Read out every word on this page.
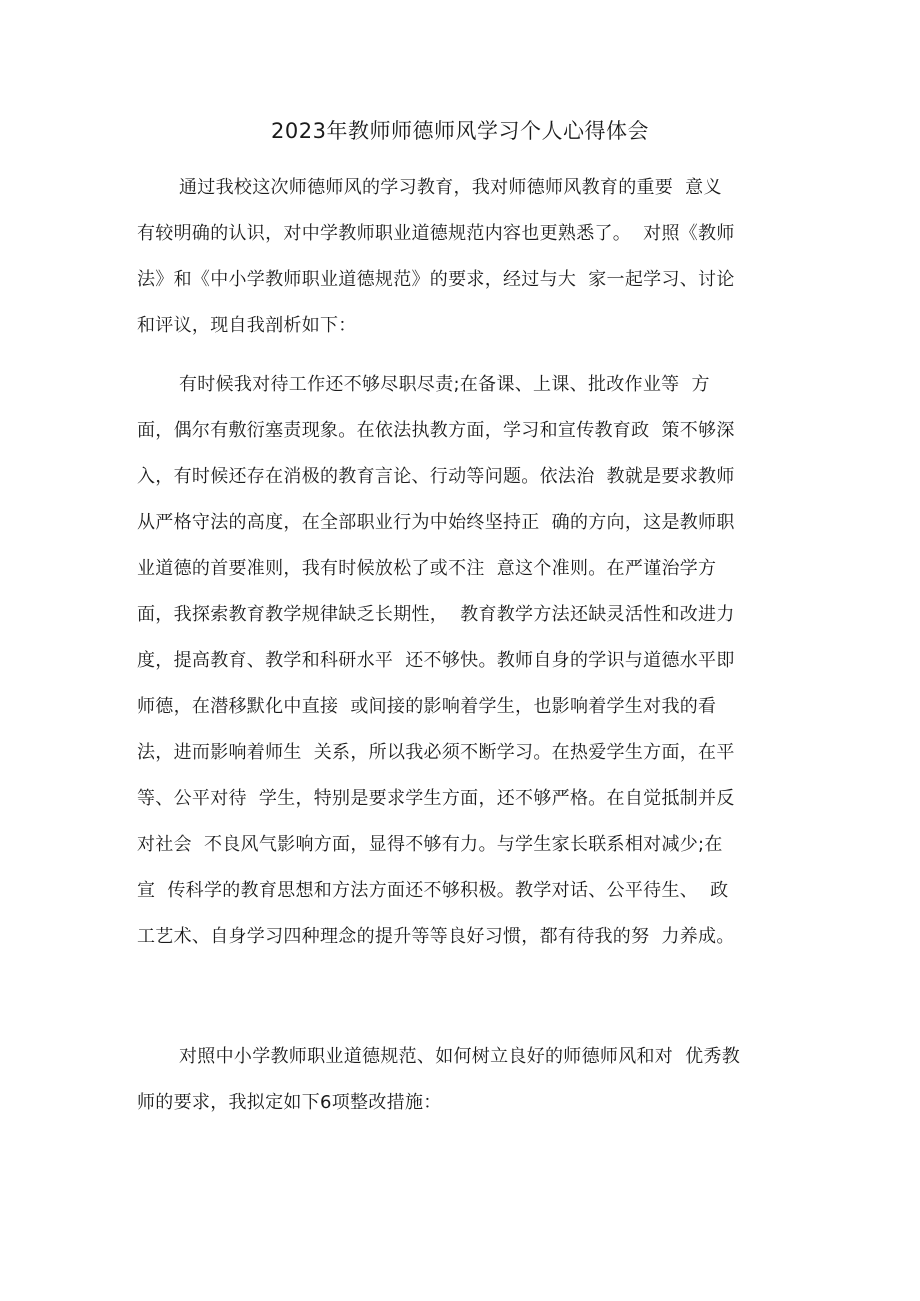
2023年教师师德师风学习个人心得体会
通过我校这次师德师风的学习教育，我对师德师风教育的重要  意义
有较明确的认识，对中学教师职业道德规范内容也更熟悉了。  对照《教师
法》和《中小学教师职业道德规范》的要求，经过与大  家一起学习、讨论
和评议，现自我剖析如下：
有时候我对待工作还不够尽职尽责;在备课、上课、批改作业等  方
面，偶尔有敷衍塞责现象。在依法执教方面，学习和宣传教育政  策不够深
入，有时候还存在消极的教育言论、行动等问题。依法治  教就是要求教师
从严格守法的高度，在全部职业行为中始终坚持正  确的方向，这是教师职
业道德的首要准则，我有时候放松了或不注  意这个准则。在严谨治学方
面，我探索教育教学规律缺乏长期性，  教育教学方法还缺灵活性和改进力
度，提高教育、教学和科研水平  还不够快。教师自身的学识与道德水平即
师德，在潜移默化中直接  或间接的影响着学生，也影响着学生对我的看
法，进而影响着师生  关系，所以我必须不断学习。在热爱学生方面，在平
等、公平对待  学生，特别是要求学生方面，还不够严格。在自觉抵制并反
对社会  不良风气影响方面，显得不够有力。与学生家长联系相对减少;在
宣  传科学的教育思想和方法方面还不够积极。教学对话、公平待生、  政
工艺术、自身学习四种理念的提升等等良好习惯，都有待我的努  力养成。
对照中小学教师职业道德规范、如何树立良好的师德师风和对  优秀教
师的要求，我拟定如下6项整改措施：
